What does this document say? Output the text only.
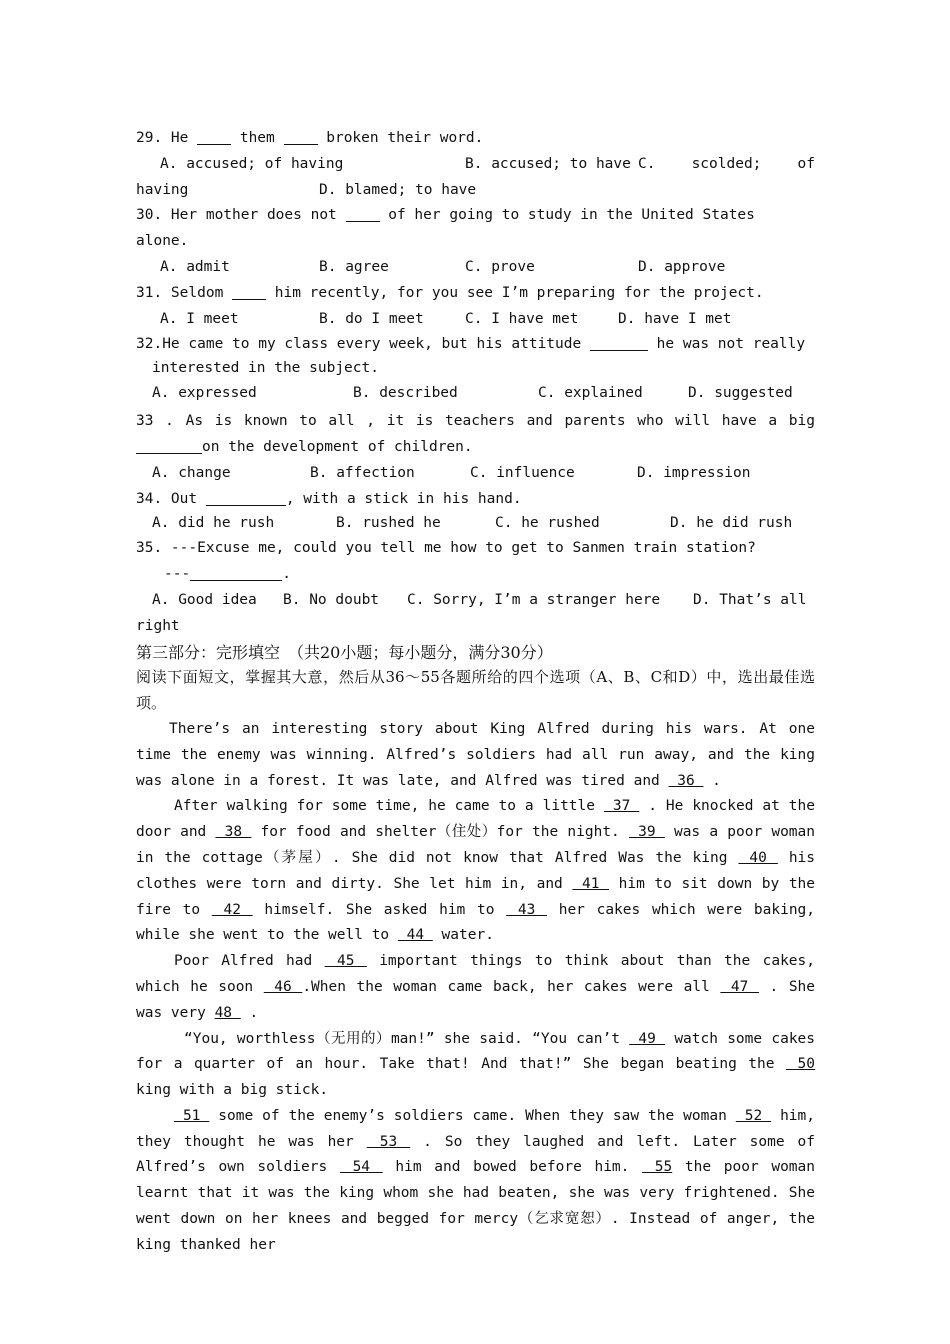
29. He  them  broken their word.
A. accused; of having	B. accused; to have C.   scolded;   of
having	D. blamed; to have
30. Her mother does not  of her going to study in the United States alone.
A. admit	B. agree	C. prove	D. approve
31. Seldom  him recently, for you see I’m preparing for the project.
A. I meet	B. do I meet	C. I have met	D. have I met
32.He came to my class every week, but his attitude	he was not really
interested in the subject.
A. expressed	B. described	C. explained	D. suggested
33 . As is known to all , it is teachers and parents who will have a big
on the development of children.
A. change	B. affection	C. influence	D. impression
34. Out	, with a stick in his hand.
A. did he rush	B. rushed he	C. he rushed	D. he did rush
35. ---Excuse me, could you tell me how to get to Sanmen train station?
---	.
A. Good idea	B. No doubt	C. Sorry, I’m a stranger here	D. That’s all
right
第三部分：完形填空　（共20小题；每小题分，满分30分）
阅读下面短文，掌握其大意，然后从36～55各题所给的四个选项（A、B、C和D）中，选出最佳选项。
There’s an interesting story about King Alfred during his wars. At one time the enemy was winning. Alfred’s soldiers had all run away, and the king was alone in a forest. It was late, and Alfred was tired and  36  .
After walking for some time, he came to a little  37  . He knocked at the door and  38  for food and shelter（住处）for the night.  39  was a poor woman in the cottage（茅屋）. She did not know that Alfred Was the king  40  his clothes were torn and dirty. She let him in, and  41  him to sit down by the fire to  42  himself. She asked him to  43  her cakes which were baking, while she went to the well to  44  water.
Poor Alfred had  45  important things to think about than the cakes, which he soon  46 .When the woman came back, her cakes were all  47  . She was very 48  .
“You, worthless（无用的）man!” she said. “You can’t  49  watch some cakes for a quarter of an hour. Take that! And that!” She began beating the  50 king with a big stick.
51  some of the enemy’s soldiers came. When they saw the woman  52  him, they thought he was her  53  . So they laughed and left. Later some of Alfred’s own soldiers  54  him and bowed before him.  55 the poor woman learnt that it was the king whom she had beaten, she was very frightened. She went down on her knees and begged for mercy（乞求宽恕）. Instead of anger, the king thanked her
